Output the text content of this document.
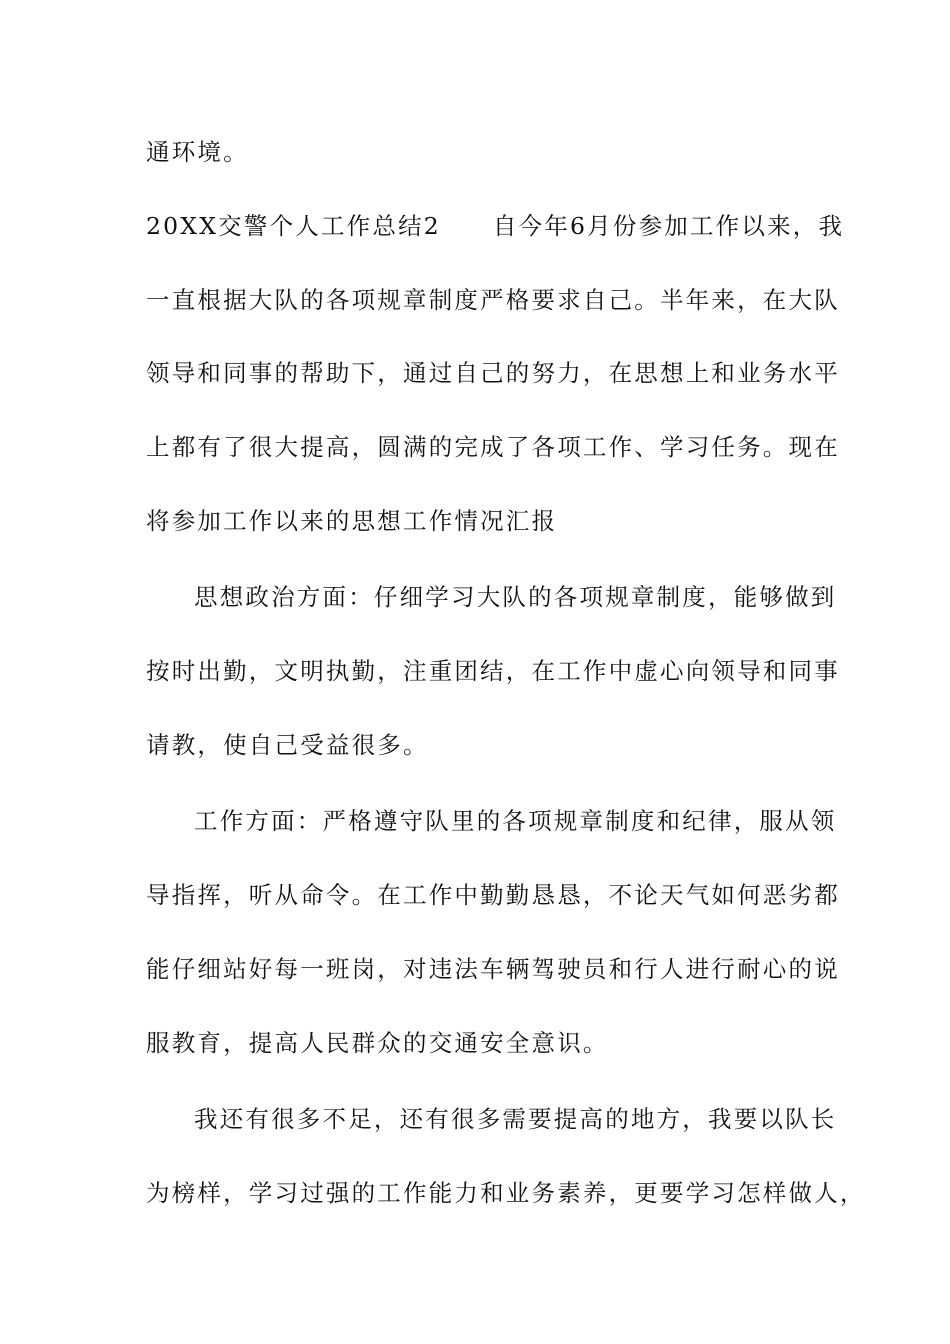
通环境。
20XX交警个人工作总结2 自今年6月份参加工作以来，我
一直根据大队的各项规章制度严格要求自己。半年来，在大队
领导和同事的帮助下，通过自己的努力，在思想上和业务水平
上都有了很大提高，圆满的完成了各项工作、学习任务。现在
将参加工作以来的思想工作情况汇报
思想政治方面：仔细学习大队的各项规章制度，能够做到
按时出勤，文明执勤，注重团结，在工作中虚心向领导和同事
请教，使自己受益很多。
工作方面：严格遵守队里的各项规章制度和纪律，服从领
导指挥，听从命令。在工作中勤勤恳恳，不论天气如何恶劣都
能仔细站好每一班岗，对违法车辆驾驶员和行人进行耐心的说
服教育，提高人民群众的交通安全意识。
我还有很多不足，还有很多需要提高的地方，我要以队长
为榜样，学习过强的工作能力和业务素养，更要学习怎样做人，
